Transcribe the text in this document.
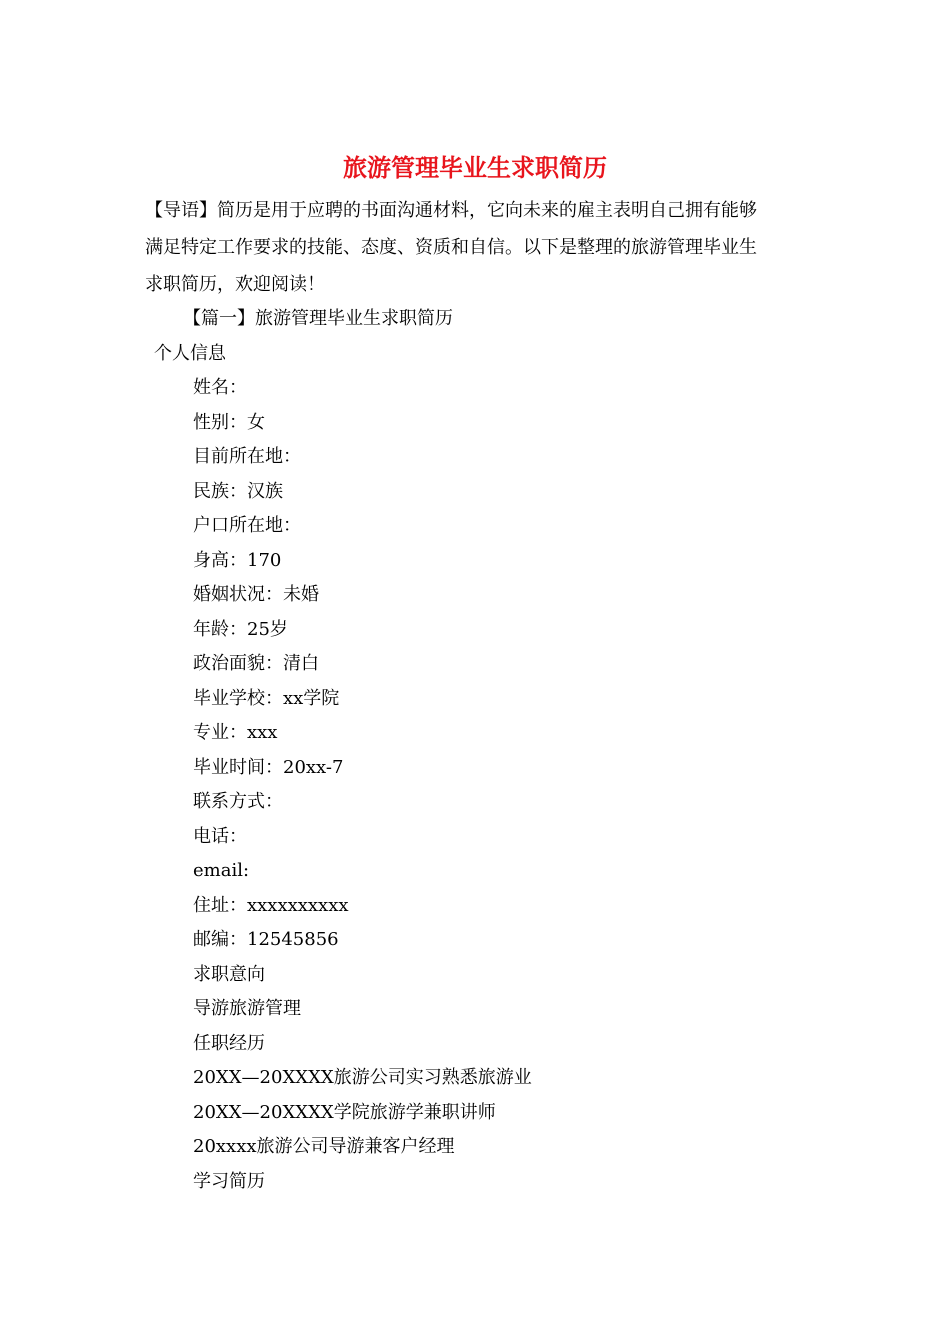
旅游管理毕业生求职简历

【导语】简历是用于应聘的书面沟通材料，它向未来的雇主表明自己拥有能够

满足特定工作要求的技能、态度、资质和自信。以下是整理的旅游管理毕业生

求职简历，欢迎阅读！

【篇一】旅游管理毕业生求职简历
个人信息
姓名：
性别：女
目前所在地：
民族：汉族
户口所在地：
身高：170
婚姻状况：未婚
年龄：25岁
政治面貌：清白
毕业学校：xx学院
专业：xxx
毕业时间：20xx-7
联系方式：
电话：
email:
住址：xxxxxxxxxx
邮编：12545856
求职意向
导游旅游管理
任职经历
20XX—20XXXX旅游公司实习熟悉旅游业
20XX—20XXXX学院旅游学兼职讲师
20xxxx旅游公司导游兼客户经理
学习简历
